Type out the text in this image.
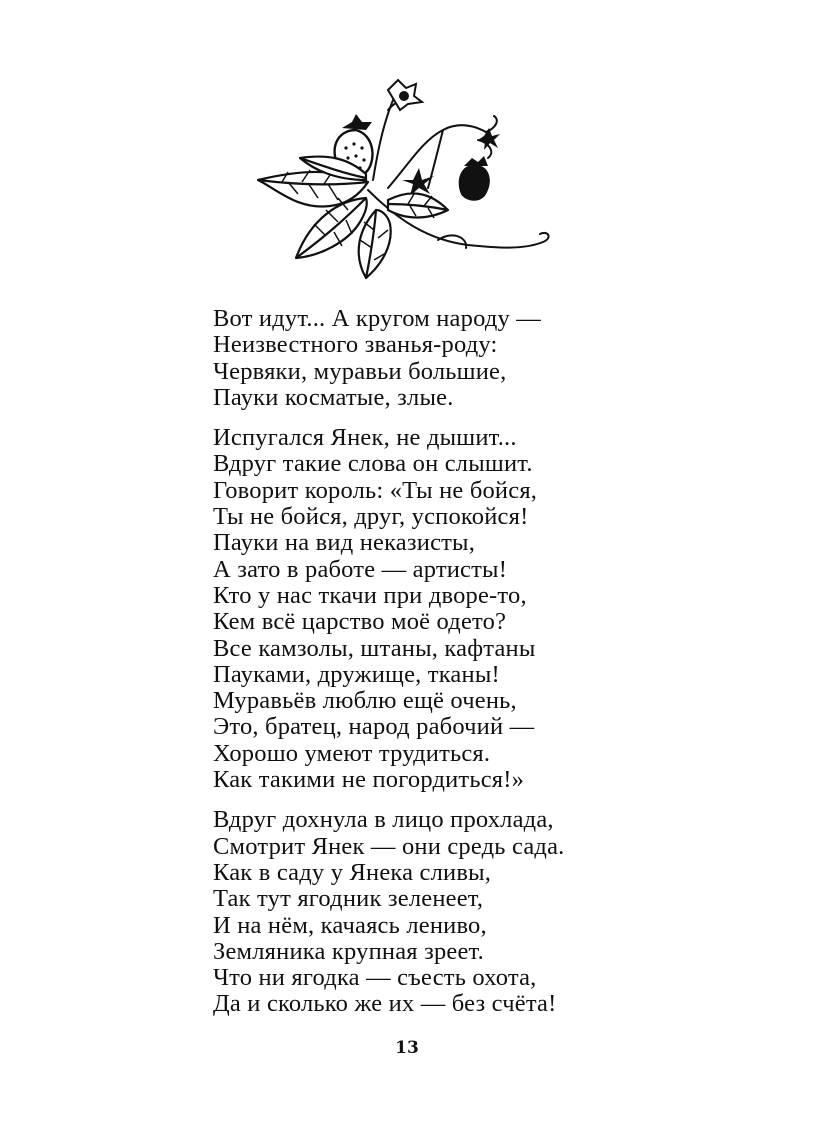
Вот идут... А кругом народу —
Неизвестного званья-роду:
Червяки, муравьи большие,
Пауки косматые, злые.
Испугался Янек, не дышит...
Вдруг такие слова он слышит.
Говорит король: «Ты не бойся,
Ты не бойся, друг, успокойся!
Пауки на вид неказисты,
А зато в работе — артисты!
Кто у нас ткачи при дворе-то,
Кем всё царство моё одето?
Все камзолы, штаны, кафтаны
Пауками, дружище, тканы!
Муравьёв люблю ещё очень,
Это, братец, народ рабочий —
Хорошо умеют трудиться.
Как такими не погордиться!»
Вдруг дохнула в лицо прохлада,
Смотрит Янек — они средь сада.
Как в саду у Янека сливы,
Так тут ягодник зеленеет,
И на нём, качаясь лениво,
Земляника крупная зреет.
Что ни ягодка — съесть охота,
Да и сколько же их — без счёта!
13
